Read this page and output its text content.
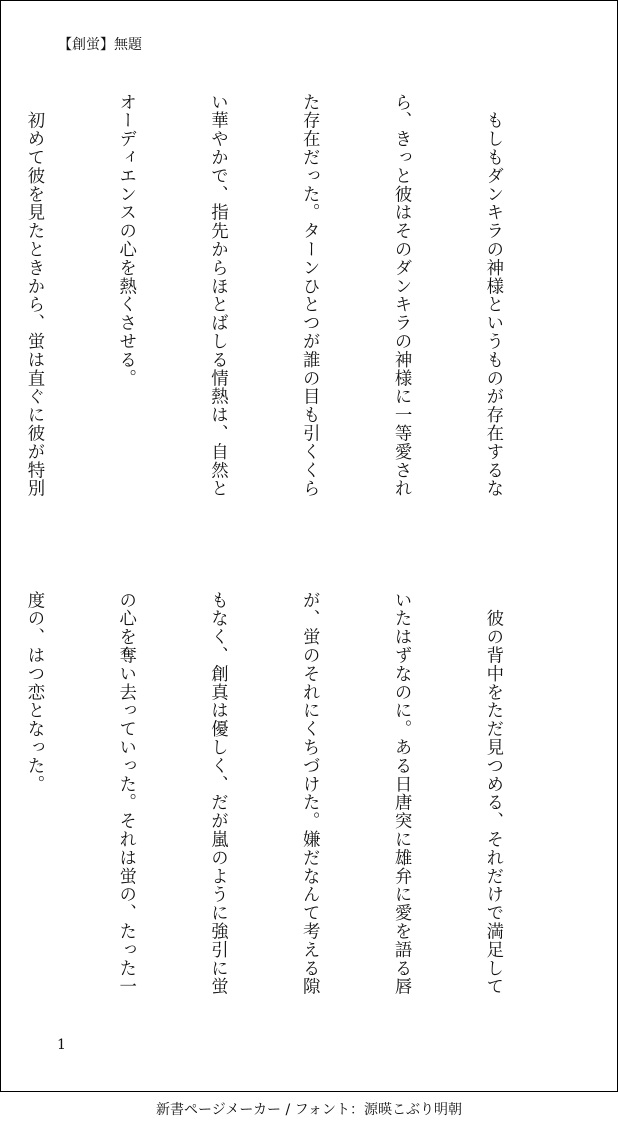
【創蛍】無題

　もしもダンキラの神様というものが存在するな

ら、きっと彼はそのダンキラの神様に一等愛され

た存在だった。ターンひとつが誰の目も引くくら

い華やかで、指先からほとばしる情熱は、自然と

オーディエンスの心を熱くさせる。

　初めて彼を見たときから、蛍は直ぐに彼が特別

　彼の背中をただ見つめる、それだけで満足して

いたはずなのに。ある日唐突に雄弁に愛を語る唇

が、蛍のそれにくちづけた。嫌だなんて考える隙

もなく、創真は優しく、だが嵐のように強引に蛍

の心を奪い去っていった。それは蛍の、たった一

度の、はつ恋となった。

1
新書ページメーカー / フォント：源暎こぶり明朝
